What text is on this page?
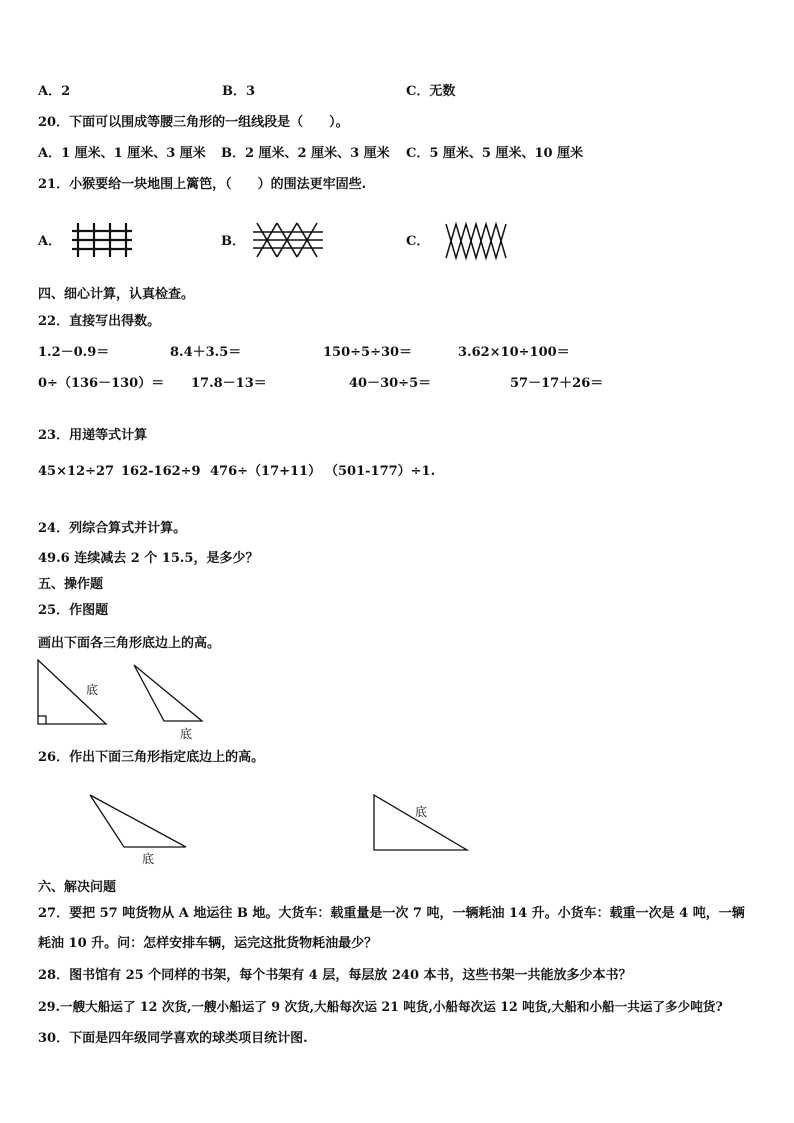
A．2	B．3	C．无数
20．下面可以围成等腰三角形的一组线段是（　　）。
A．1 厘米、1 厘米、3 厘米 B．2 厘米、2 厘米、3 厘米 C．5 厘米、5 厘米、10 厘米
21．小猴要给一块地围上篱笆，（　　）的围法更牢固些.
A．	B．	C．
四、细心计算，认真检查。
22．直接写出得数。
1.2－0.9＝	8.4＋3.5＝	150÷5÷30＝	3.62×10÷100＝
0÷（136－130）＝ 17.8－13＝	40－30÷5＝	57－17＋26＝
23．用递等式计算
45×12÷27 162-162÷9 476÷（17+11） （501-177）÷1.
24．列综合算式并计算。
49.6 连续减去 2 个 15.5，是多少？
五、操作题
25．作图题
画出下面各三角形底边上的高。
底
底
26．作出下面三角形指定底边上的高。
底
底
六、解决问题
27．要把 57 吨货物从 A 地运往 B 地。大货车：载重量是一次 7 吨，一辆耗油 14 升。小货车：载重一次是 4 吨，一辆
耗油 10 升。问：怎样安排车辆，运完这批货物耗油最少？
28．图书馆有 25 个同样的书架，每个书架有 4 层，每层放 240 本书，这些书架一共能放多少本书？
29.一艘大船运了 12 次货,一艘小船运了 9 次货,大船每次运 21 吨货,小船每次运 12 吨货,大船和小船一共运了多少吨货?
30．下面是四年级同学喜欢的球类项目统计图.
